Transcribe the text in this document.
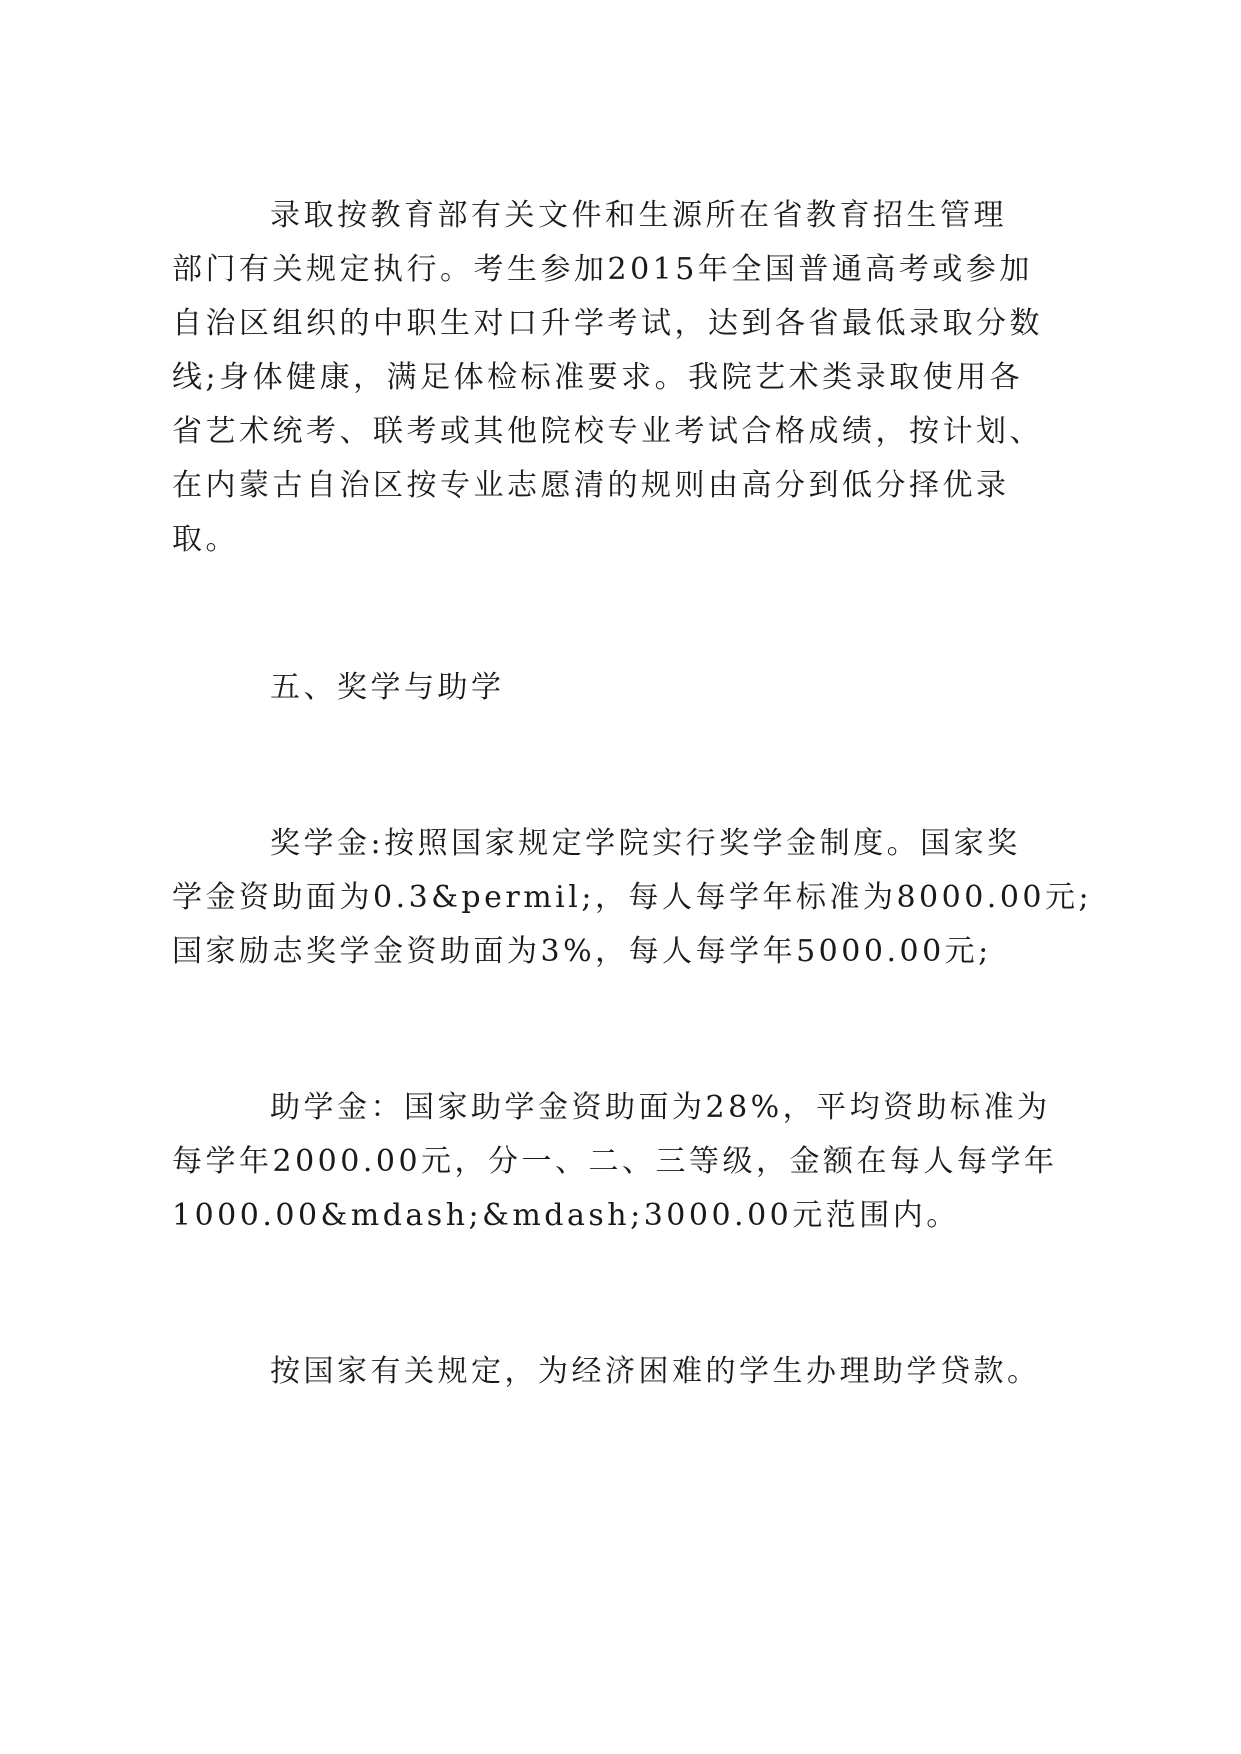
录取按教育部有关文件和生源所在省教育招生管理
部门有关规定执行。考生参加2015年全国普通高考或参加
自治区组织的中职生对口升学考试，达到各省最低录取分数
线;身体健康，满足体检标准要求。我院艺术类录取使用各
省艺术统考、联考或其他院校专业考试合格成绩，按计划、
在内蒙古自治区按专业志愿清的规则由高分到低分择优录
取。
五、奖学与助学
奖学金:按照国家规定学院实行奖学金制度。国家奖
学金资助面为0.3&permil;，每人每学年标准为8000.00元;
国家励志奖学金资助面为3%，每人每学年5000.00元;
助学金：国家助学金资助面为28%，平均资助标准为
每学年2000.00元，分一、二、三等级，金额在每人每学年
1000.00&mdash;&mdash;3000.00元范围内。
按国家有关规定，为经济困难的学生办理助学贷款。
